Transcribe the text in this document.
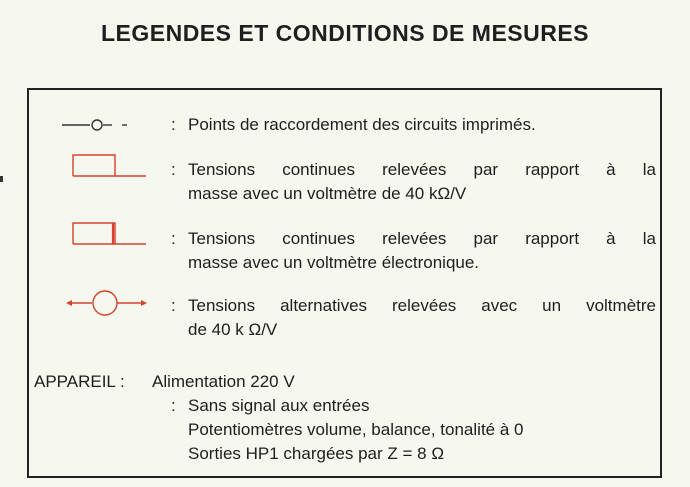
LEGENDES ET CONDITIONS DE MESURES
: Points de raccordement des circuits imprimés.
: Tensions continues relevées par rapport à la
masse avec un voltmètre de 40 kΩ/V
: Tensions continues relevées par rapport à la
masse avec un voltmètre électronique.
: Tensions alternatives relevées avec un voltmètre
de 40 k Ω/V
APPAREIL : Alimentation 220 V
: Sans signal aux entrées
Potentiomètres volume, balance, tonalité à 0
Sorties HP1 chargées par Z = 8 Ω
